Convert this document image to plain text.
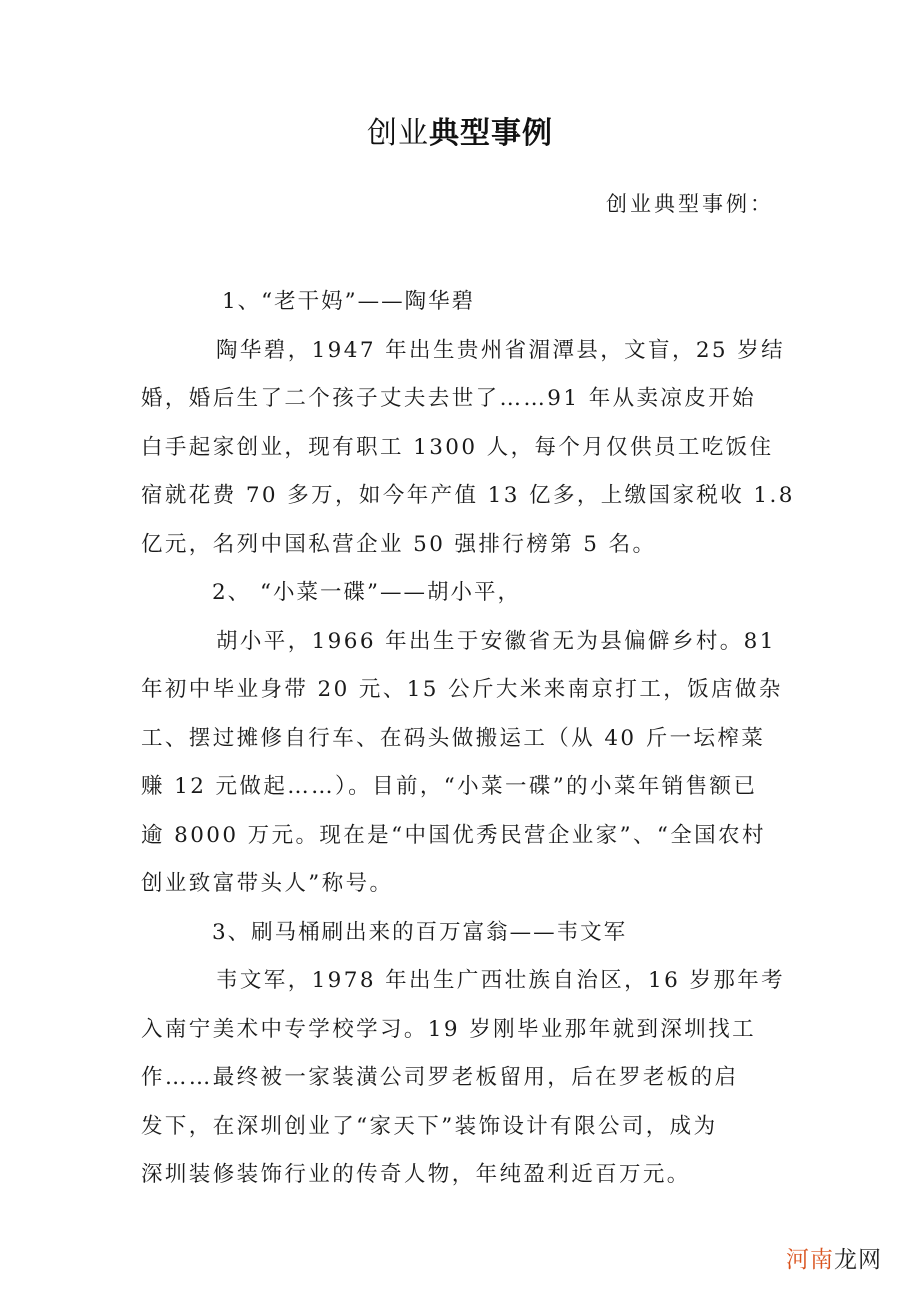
创业典型事例
创业典型事例：
1、“老干妈”——陶华碧
陶华碧，1947 年出生贵州省湄潭县，文盲，25 岁结
婚，婚后生了二个孩子丈夫去世了……91 年从卖凉皮开始
白手起家创业，现有职工 1300 人，每个月仅供员工吃饭住
宿就花费 70 多万，如今年产值 13 亿多，上缴国家税收 1.8
亿元，名列中国私营企业 50 强排行榜第 5 名。
2、 “小菜一碟”——胡小平，
胡小平，1966 年出生于安徽省无为县偏僻乡村。81
年初中毕业身带 20 元、15 公斤大米来南京打工，饭店做杂
工、摆过摊修自行车、在码头做搬运工（从 40 斤一坛榨菜
赚 12 元做起……）。目前，“小菜一碟”的小菜年销售额已
逾 8000 万元。现在是“中国优秀民营企业家”、“全国农村
创业致富带头人”称号。
3、刷马桶刷出来的百万富翁——韦文军
韦文军，1978 年出生广西壮族自治区，16 岁那年考
入南宁美术中专学校学习。19 岁刚毕业那年就到深圳找工
作……最终被一家装潢公司罗老板留用，后在罗老板的启
发下，在深圳创业了“家天下”装饰设计有限公司，成为
深圳装修装饰行业的传奇人物，年纯盈利近百万元。
河南龙网
